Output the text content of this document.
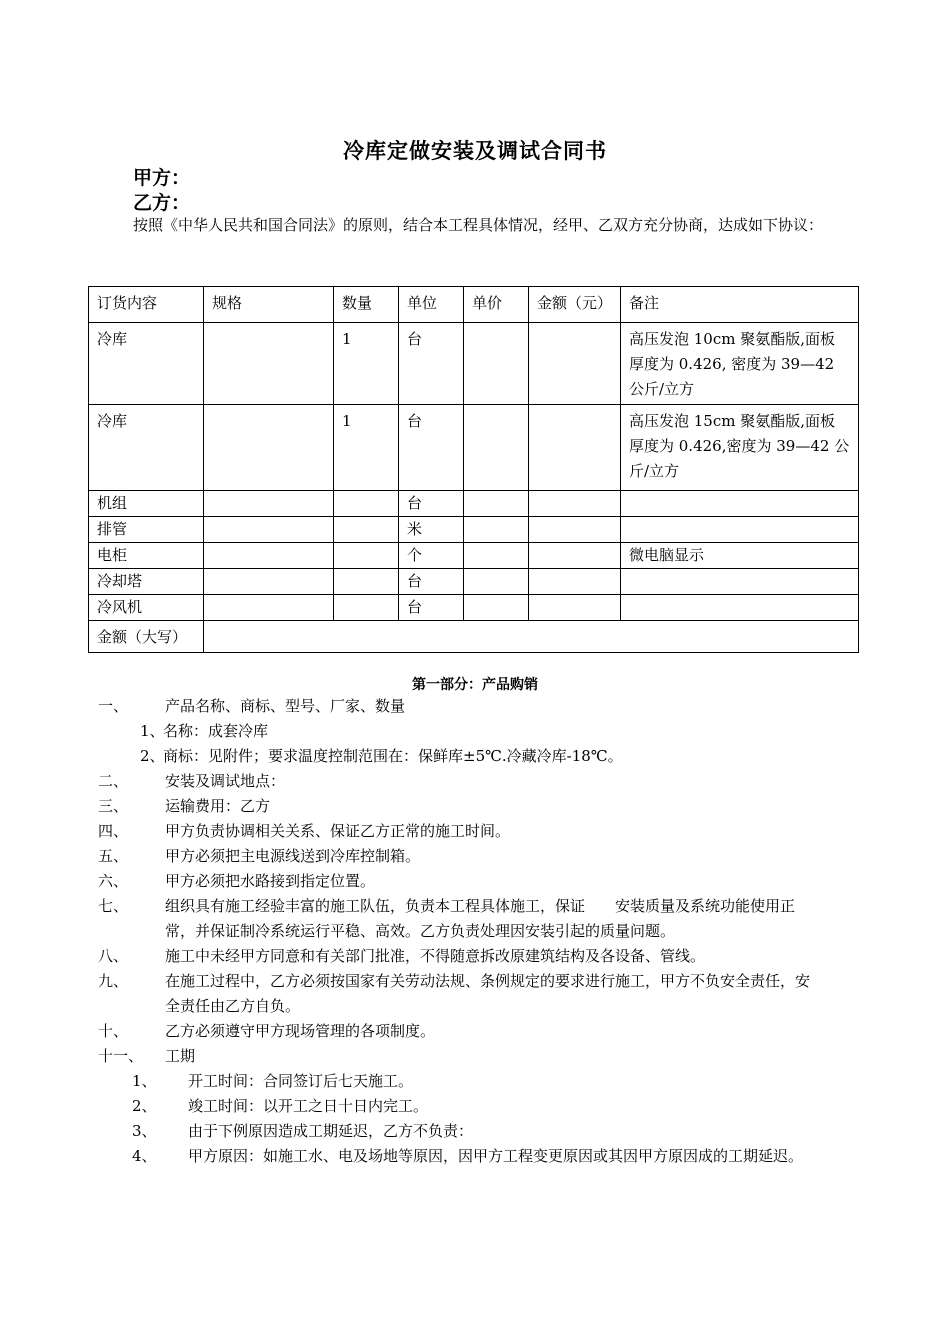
冷库定做安装及调试合同书
甲方：
乙方：
按照《中华人民共和国合同法》的原则，结合本工程具体情况，经甲、乙双方充分协商，达成如下协议：
订货内容	规格	数量	单位	单价	金额（元）	备注
冷库		1	台			高压发泡 10cm 聚氨酯版,面板厚度为 0.426, 密度为 39—42 公斤/立方
冷库		1	台			高压发泡 15cm 聚氨酯版,面板厚度为 0.426,密度为 39—42 公斤/立方
机组			台			
排管			米			
电柜			个			微电脑显示
冷却塔			台			
冷风机			台			
金额（大写）						
第一部分：产品购销
一、 产品名称、商标、型号、厂家、数量
1、
名称：成套冷库
2、
商标：见附件；要求温度控制范围在：保鲜库±5℃.冷藏冷库-18℃。
二、 安装及调试地点：
三、 运输费用：乙方
四、 甲方负责协调相关关系、保证乙方正常的施工时间。
五、 甲方必须把主电源线送到冷库控制箱。
六、 甲方必须把水路接到指定位置。
七、 组织具有施工经验丰富的施工队伍，负责本工程具体施工，保证　　安装质量及系统功能使用正常，并保证制冷系统运行平稳、高效。乙方负责处理因安装引起的质量问题。
八、 施工中未经甲方同意和有关部门批准，不得随意拆改原建筑结构及各设备、管线。
九、 在施工过程中，乙方必须按国家有关劳动法规、条例规定的要求进行施工，甲方不负安全责任，安全责任由乙方自负。
十、 乙方必须遵守甲方现场管理的各项制度。
十一、 工期
1、 开工时间：合同签订后七天施工。
2、 竣工时间：以开工之日十日内完工。
3、 由于下例原因造成工期延迟，乙方不负责：
4、 甲方原因：如施工水、电及场地等原因，因甲方工程变更原因或其因甲方原因成的工期延迟。
